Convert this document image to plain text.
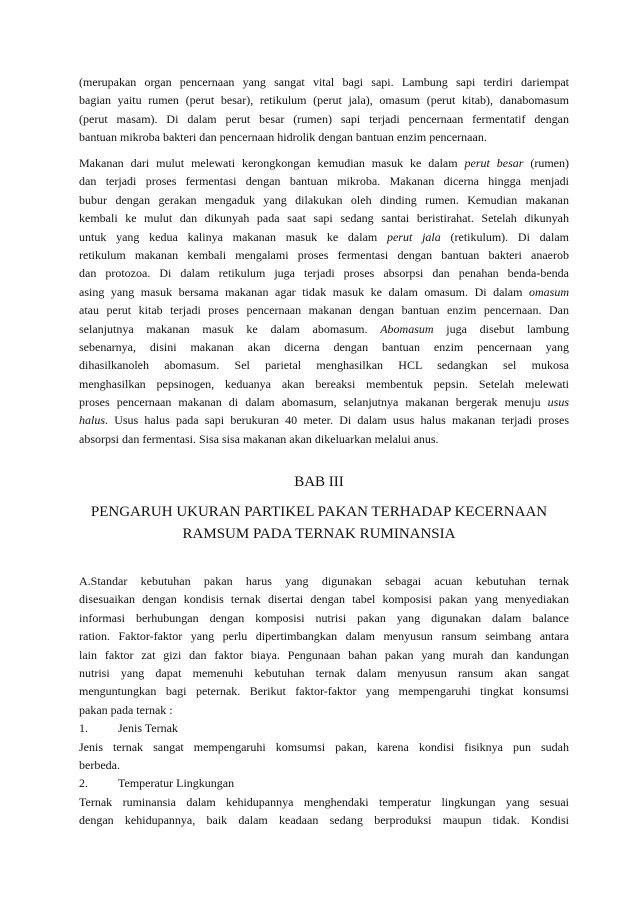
(merupakan organ pencernaan yang sangat vital bagi sapi. Lambung sapi terdiri dariempat
bagian yaitu rumen (perut besar), retikulum (perut jala), omasum (perut kitab), danabomasum
(perut masam). Di dalam perut besar (rumen) sapi terjadi pencernaan fermentatif dengan
bantuan mikroba bakteri dan pencernaan hidrolik dengan bantuan enzim pencernaan.
Makanan dari mulut melewati kerongkongan kemudian masuk ke dalam perut besar (rumen)
dan terjadi proses fermentasi dengan bantuan mikroba. Makanan dicerna hingga menjadi
bubur dengan gerakan mengaduk yang dilakukan oleh dinding rumen. Kemudian makanan
kembali ke mulut dan dikunyah pada saat sapi sedang santai beristirahat. Setelah dikunyah
untuk yang kedua kalinya makanan masuk ke dalam perut jala (retikulum). Di dalam
retikulum makanan kembali mengalami proses fermentasi dengan bantuan bakteri anaerob
dan protozoa. Di dalam retikulum juga terjadi proses absorpsi dan penahan benda-benda
asing yang masuk bersama makanan agar tidak masuk ke dalam omasum. Di dalam omasum
atau perut kitab terjadi proses pencernaan makanan dengan bantuan enzim pencernaan. Dan
selanjutnya makanan masuk ke dalam abomasum. Abomasum juga disebut lambung
sebenarnya, disini makanan akan dicerna dengan bantuan enzim pencernaan yang
dihasilkanoleh abomasum. Sel parietal menghasilkan HCL sedangkan sel mukosa
menghasilkan pepsinogen, keduanya akan bereaksi membentuk pepsin. Setelah melewati
proses pencernaan makanan di dalam abomasum, selanjutnya makanan bergerak menuju usus
halus. Usus halus pada sapi berukuran 40 meter. Di dalam usus halus makanan terjadi proses
absorpsi dan fermentasi. Sisa sisa makanan akan dikeluarkan melalui anus.
BAB III
PENGARUH UKURAN PARTIKEL PAKAN TERHADAP KECERNAAN
RAMSUM PADA TERNAK RUMINANSIA
A.Standar kebutuhan pakan harus yang digunakan sebagai acuan kebutuhan ternak
disesuaikan dengan kondisis ternak disertai dengan tabel komposisi pakan yang menyediakan
informasi berhubungan dengan komposisi nutrisi pakan yang digunakan dalam balance
ration. Faktor-faktor yang perlu dipertimbangkan dalam menyusun ransum seimbang antara
lain faktor zat gizi dan faktor biaya. Pengunaan bahan pakan yang murah dan kandungan
nutrisi yang dapat memenuhi kebutuhan ternak dalam menyusun ransum akan sangat
menguntungkan bagi peternak. Berikut faktor-faktor yang mempengaruhi tingkat konsumsi
pakan pada ternak :
1.	Jenis Ternak
Jenis ternak sangat mempengaruhi komsumsi pakan, karena kondisi fisiknya pun sudah
berbeda.
2.	Temperatur Lingkungan
Ternak ruminansia dalam kehidupannya menghendaki temperatur lingkungan yang sesuai
dengan kehidupannya, baik dalam keadaan sedang berproduksi maupun tidak. Kondisi
